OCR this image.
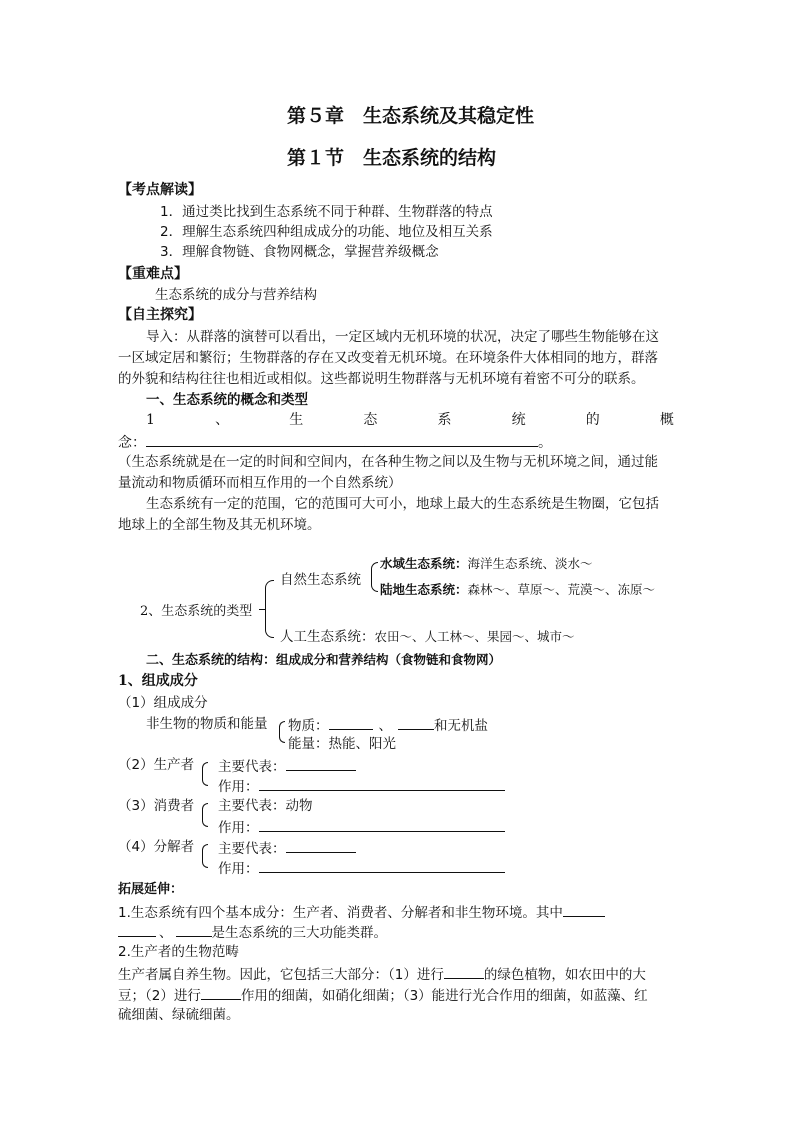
第５章　生态系统及其稳定性
第１节　生态系统的结构
【考点解读】
1．通过类比找到生态系统不同于种群、生物群落的特点
2．理解生态系统四种组成成分的功能、地位及相互关系
3．理解食物链、食物网概念，掌握营养级概念
【重难点】
生态系统的成分与营养结构
【自主探究】
导入：从群落的演替可以看出，一定区域内无机环境的状况，决定了哪些生物能够在这
一区域定居和繁衍；生物群落的存在又改变着无机环境。在环境条件大体相同的地方，群落
的外貌和结构往往也相近或相似。这些都说明生物群落与无机环境有着密不可分的联系。
一、生态系统的概念和类型
1	、	生	态	系	统	的	概
念：	。
（生态系统就是在一定的时间和空间内，在各种生物之间以及生物与无机环境之间，通过能
量流动和物质循环而相互作用的一个自然系统）
生态系统有一定的范围，它的范围可大可小，地球上最大的生态系统是生物圈，它包括
地球上的全部生物及其无机环境。
2、生态系统的类型
自然生态系统
水域生态系统：海洋生态系统、淡水～
陆地生态系统：森林～、草原～、荒漠～、冻原～
人工生态系统：农田～、人工林～、果园～、城市～
二、生态系统的结构：组成成分和营养结构（食物链和食物网）
1、组成成分
（1）组成成分
非生物的物质和能量 物质：	、	和无机盐
能量：热能、阳光
（2）生产者 主要代表：
作用：
（3）消费者 主要代表：动物
作用：
（4）分解者 主要代表：
作用：
拓展延伸：
1.生态系统有四个基本成分：生产者、消费者、分解者和非生物环境。其中
、	是生态系统的三大功能类群。
2.生产者的生物范畴
生产者属自养生物。因此，它包括三大部分：（1）进行	的绿色植物，如农田中的大
豆；（2）进行	作用的细菌，如硝化细菌；（3）能进行光合作用的细菌，如蓝藻、红
硫细菌、绿硫细菌。
